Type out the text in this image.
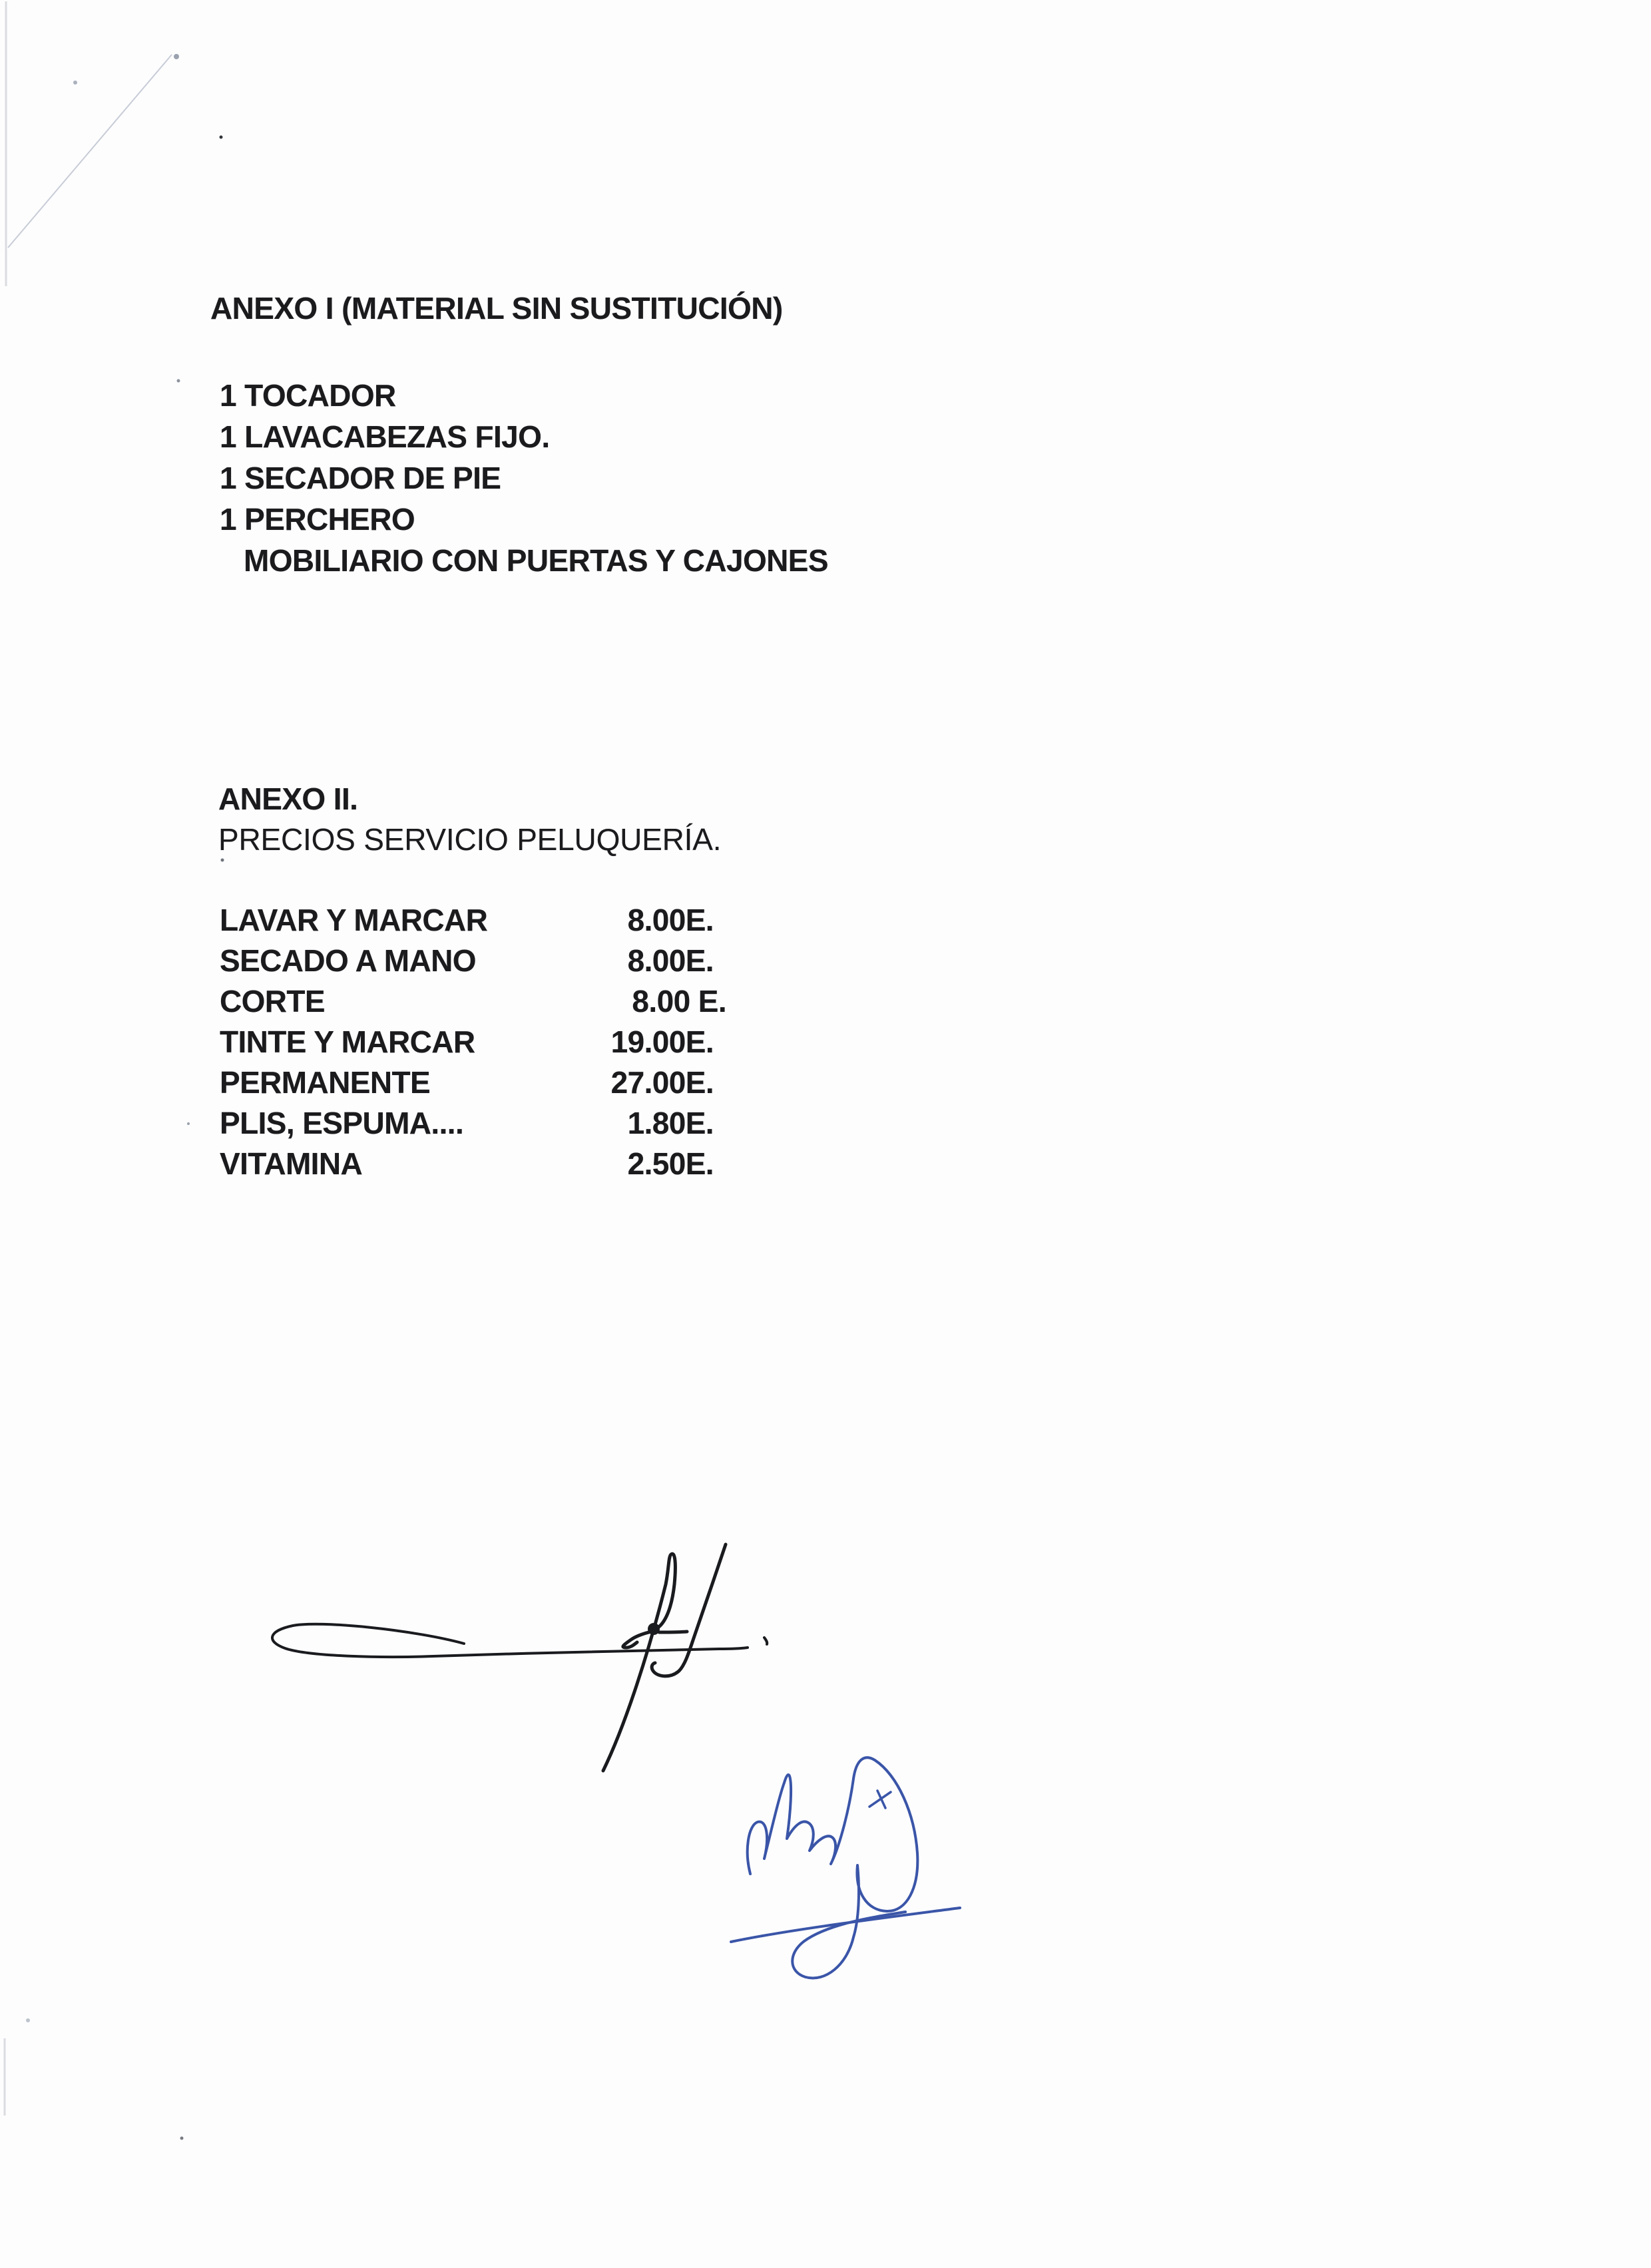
ANEXO I (MATERIAL SIN SUSTITUCIÓN)
1 TOCADOR
1 LAVACABEZAS FIJO.
1 SECADOR DE PIE
1 PERCHERO
MOBILIARIO CON PUERTAS Y CAJONES
ANEXO II.
PRECIOS SERVICIO PELUQUERÍA.
LAVAR Y MARCAR	8.00E.
SECADO A MANO	8.00E.
CORTE	8.00 E.
TINTE Y MARCAR	19.00E.
PERMANENTE	27.00E.
PLIS, ESPUMA....	1.80E.
VITAMINA	2.50E.
